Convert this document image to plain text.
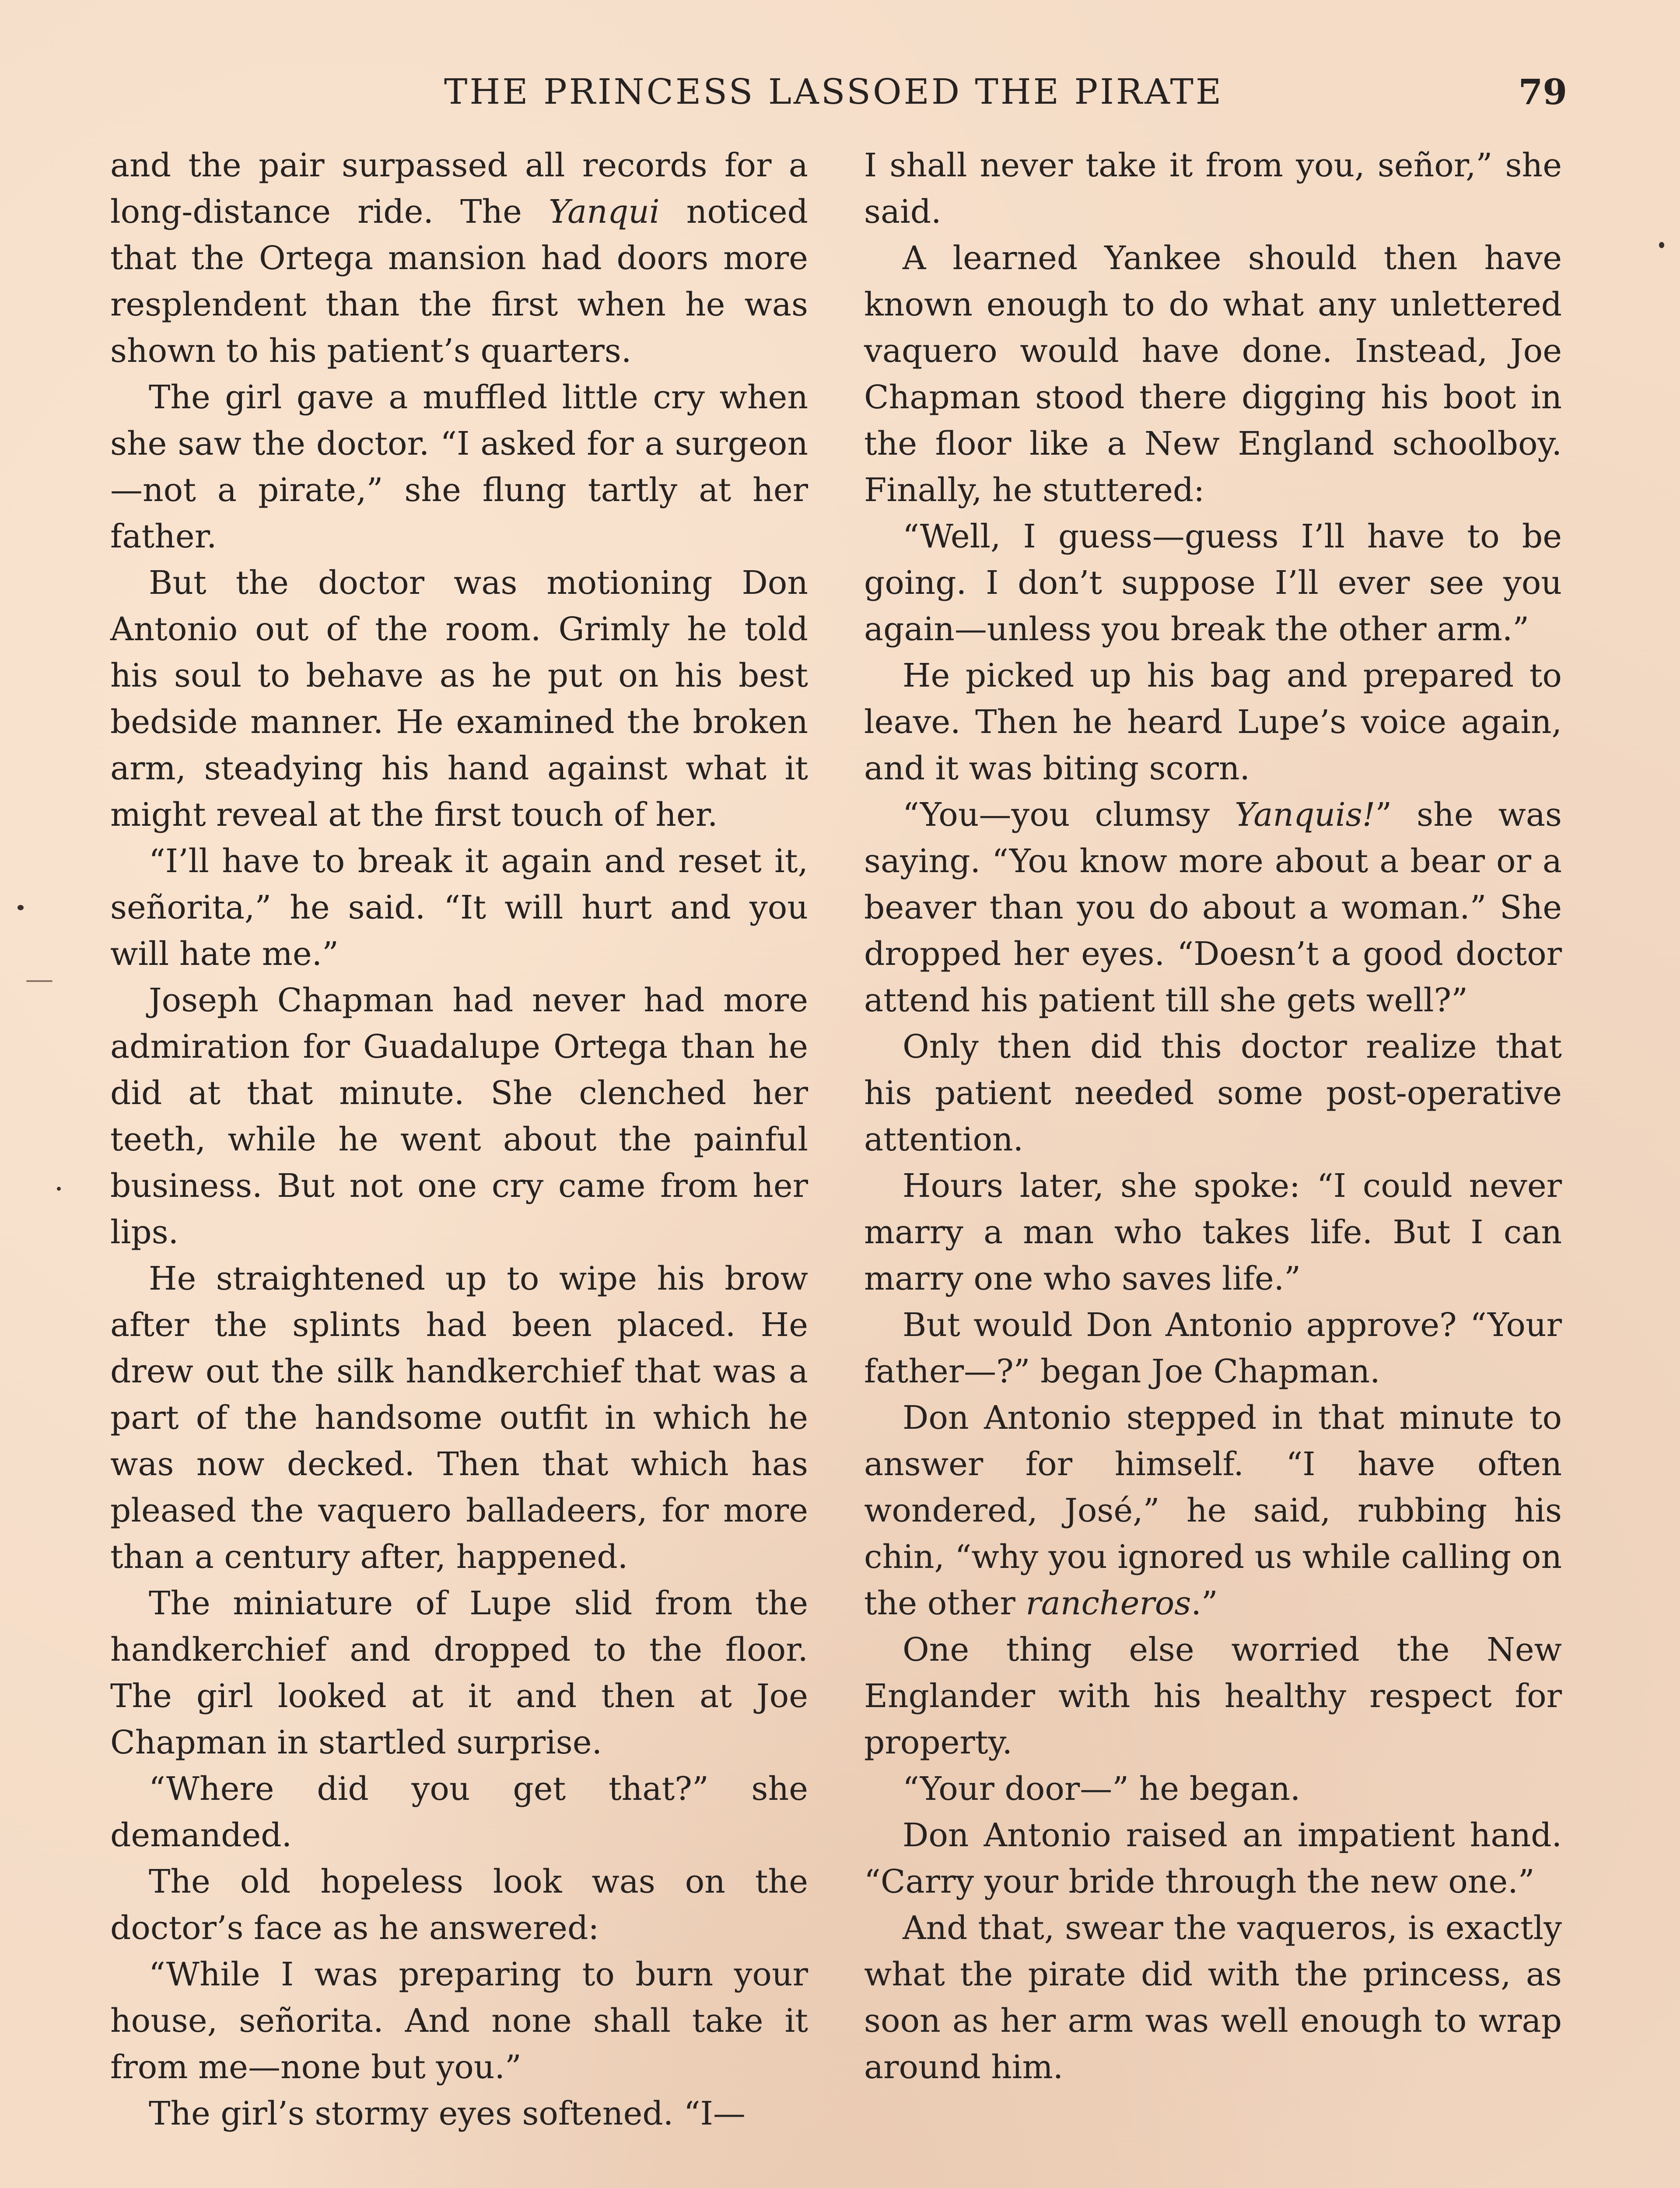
THE PRINCESS LASSOED THE PIRATE	79

and the pair surpassed all records for a long-distance ride. The Yanqui noticed that the Ortega mansion had doors more resplendent than the first when he was shown to his patient’s quarters.

The girl gave a muffled little cry when she saw the doctor. “I asked for a surgeon—not a pirate,” she flung tartly at her father.

But the doctor was motioning Don Antonio out of the room. Grimly he told his soul to behave as he put on his best bedside manner. He examined the broken arm, steadying his hand against what it might reveal at the first touch of her.

“I’ll have to break it again and reset it, señorita,” he said. “It will hurt and you will hate me.”

Joseph Chapman had never had more admiration for Guadalupe Ortega than he did at that minute. She clenched her teeth, while he went about the painful business. But not one cry came from her lips.

He straightened up to wipe his brow after the splints had been placed. He drew out the silk handkerchief that was a part of the handsome outfit in which he was now decked. Then that which has pleased the vaquero balladeers, for more than a century after, happened.

The miniature of Lupe slid from the handkerchief and dropped to the floor. The girl looked at it and then at Joe Chapman in startled surprise.

“Where did you get that?” she demanded.

The old hopeless look was on the doctor’s face as he answered:

“While I was preparing to burn your house, señorita. And none shall take it from me—none but you.”

The girl’s stormy eyes softened. “I—

I shall never take it from you, señor,” she said.

A learned Yankee should then have known enough to do what any unlettered vaquero would have done. Instead, Joe Chapman stood there digging his boot in the floor like a New England schoolboy. Finally, he stuttered:

“Well, I guess—guess I’ll have to be going. I don’t suppose I’ll ever see you again—unless you break the other arm.”

He picked up his bag and prepared to leave. Then he heard Lupe’s voice again, and it was biting scorn.

“You—you clumsy Yanquis!” she was saying. “You know more about a bear or a beaver than you do about a woman.” She dropped her eyes. “Doesn’t a good doctor attend his patient till she gets well?”

Only then did this doctor realize that his patient needed some post-operative attention.

Hours later, she spoke: “I could never marry a man who takes life. But I can marry one who saves life.”

But would Don Antonio approve? “Your father—?” began Joe Chapman.

Don Antonio stepped in that minute to answer for himself. “I have often wondered, José,” he said, rubbing his chin, “why you ignored us while calling on the other rancheros.”

One thing else worried the New Englander with his healthy respect for property.

“Your door—” he began.

Don Antonio raised an impatient hand. “Carry your bride through the new one.”

And that, swear the vaqueros, is exactly what the pirate did with the princess, as soon as her arm was well enough to wrap around him.
